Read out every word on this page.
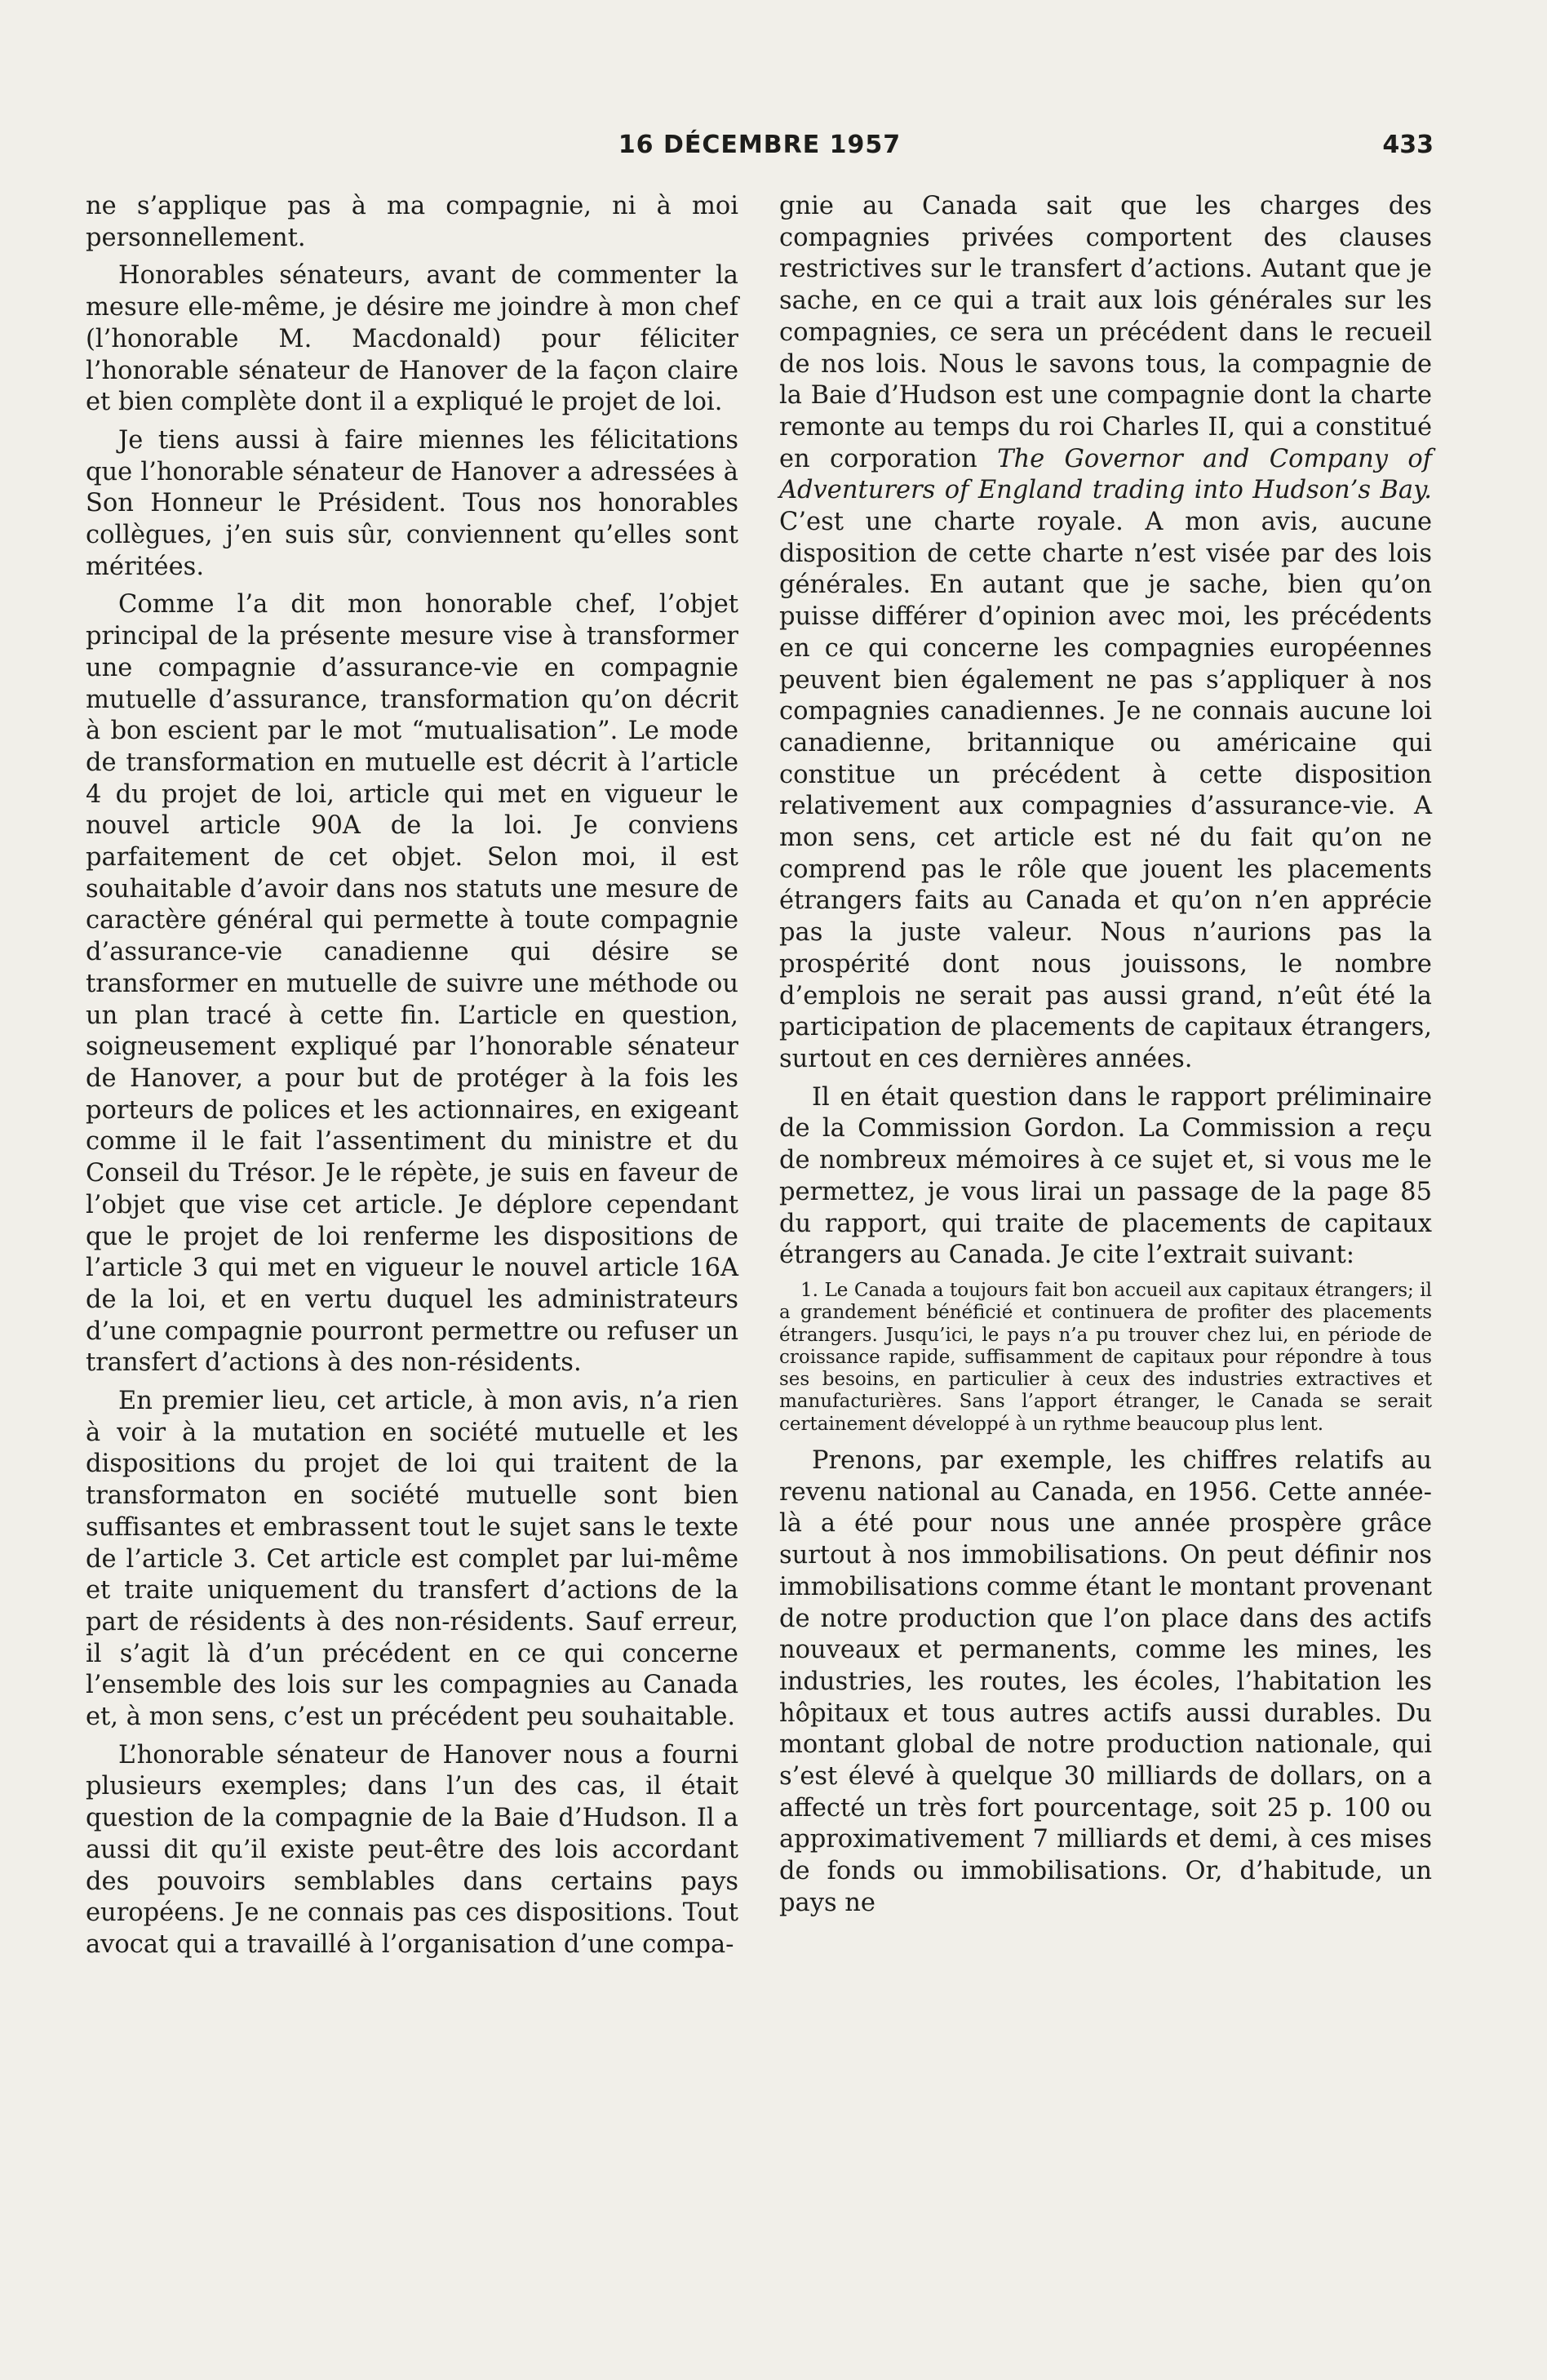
16 DÉCEMBRE 1957	433

ne s’applique pas à ma compagnie, ni à moi personnellement.

Honorables sénateurs, avant de commenter la mesure elle-même, je désire me joindre à mon chef (l’honorable M. Macdonald) pour féliciter l’honorable sénateur de Hanover de la façon claire et bien complète dont il a expliqué le projet de loi.

Je tiens aussi à faire miennes les félicitations que l’honorable sénateur de Hanover a adressées à Son Honneur le Président. Tous nos honorables collègues, j’en suis sûr, conviennent qu’elles sont méritées.

Comme l’a dit mon honorable chef, l’objet principal de la présente mesure vise à transformer une compagnie d’assurance-vie en compagnie mutuelle d’assurance, transformation qu’on décrit à bon escient par le mot “mutualisation”. Le mode de transformation en mutuelle est décrit à l’article 4 du projet de loi, article qui met en vigueur le nouvel article 90A de la loi. Je conviens parfaitement de cet objet. Selon moi, il est souhaitable d’avoir dans nos statuts une mesure de caractère général qui permette à toute compagnie d’assurance-vie canadienne qui désire se transformer en mutuelle de suivre une méthode ou un plan tracé à cette fin. L’article en question, soigneusement expliqué par l’honorable sénateur de Hanover, a pour but de protéger à la fois les porteurs de polices et les actionnaires, en exigeant comme il le fait l’assentiment du ministre et du Conseil du Trésor. Je le répète, je suis en faveur de l’objet que vise cet article. Je déplore cependant que le projet de loi renferme les dispositions de l’article 3 qui met en vigueur le nouvel article 16A de la loi, et en vertu duquel les administrateurs d’une compagnie pourront permettre ou refuser un transfert d’actions à des non-résidents.

En premier lieu, cet article, à mon avis, n’a rien à voir à la mutation en société mutuelle et les dispositions du projet de loi qui traitent de la transformaton en société mutuelle sont bien suffisantes et embrassent tout le sujet sans le texte de l’article 3. Cet article est complet par lui-même et traite uniquement du transfert d’actions de la part de résidents à des non-résidents. Sauf erreur, il s’agit là d’un précédent en ce qui concerne l’ensemble des lois sur les compagnies au Canada et, à mon sens, c’est un précédent peu souhaitable.

L’honorable sénateur de Hanover nous a fourni plusieurs exemples; dans l’un des cas, il était question de la compagnie de la Baie d’Hudson. Il a aussi dit qu’il existe peut-être des lois accordant des pouvoirs semblables dans certains pays européens. Je ne connais pas ces dispositions. Tout avocat qui a travaillé à l’organisation d’une compa-

gnie au Canada sait que les charges des compagnies privées comportent des clauses restrictives sur le transfert d’actions. Autant que je sache, en ce qui a trait aux lois générales sur les compagnies, ce sera un précédent dans le recueil de nos lois. Nous le savons tous, la compagnie de la Baie d’Hudson est une compagnie dont la charte remonte au temps du roi Charles II, qui a constitué en corporation The Governor and Company of Adventurers of England trading into Hudson’s Bay. C’est une charte royale. A mon avis, aucune disposition de cette charte n’est visée par des lois générales. En autant que je sache, bien qu’on puisse différer d’opinion avec moi, les précédents en ce qui concerne les compagnies européennes peuvent bien également ne pas s’appliquer à nos compagnies canadiennes. Je ne connais aucune loi canadienne, britannique ou américaine qui constitue un précédent à cette disposition relativement aux compagnies d’assurance-vie. A mon sens, cet article est né du fait qu’on ne comprend pas le rôle que jouent les placements étrangers faits au Canada et qu’on n’en apprécie pas la juste valeur. Nous n’aurions pas la prospérité dont nous jouissons, le nombre d’emplois ne serait pas aussi grand, n’eût été la participation de placements de capitaux étrangers, surtout en ces dernières années.

Il en était question dans le rapport préliminaire de la Commission Gordon. La Commission a reçu de nombreux mémoires à ce sujet et, si vous me le permettez, je vous lirai un passage de la page 85 du rapport, qui traite de placements de capitaux étrangers au Canada. Je cite l’extrait suivant:

1. Le Canada a toujours fait bon accueil aux capitaux étrangers; il a grandement bénéficié et continuera de profiter des placements étrangers. Jusqu’ici, le pays n’a pu trouver chez lui, en période de croissance rapide, suffisamment de capitaux pour répondre à tous ses besoins, en particulier à ceux des industries extractives et manufacturières. Sans l’apport étranger, le Canada se serait certainement développé à un rythme beaucoup plus lent.

Prenons, par exemple, les chiffres relatifs au revenu national au Canada, en 1956. Cette année-là a été pour nous une année prospère grâce surtout à nos immobilisations. On peut définir nos immobilisations comme étant le montant provenant de notre production que l’on place dans des actifs nouveaux et permanents, comme les mines, les industries, les routes, les écoles, l’habitation les hôpitaux et tous autres actifs aussi durables. Du montant global de notre production nationale, qui s’est élevé à quelque 30 milliards de dollars, on a affecté un très fort pourcentage, soit 25 p. 100 ou approximativement 7 milliards et demi, à ces mises de fonds ou immobilisations. Or, d’habitude, un pays ne
